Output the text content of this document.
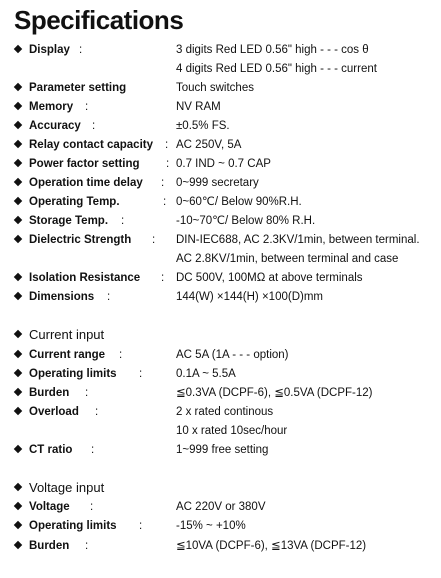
Specifications
Display :	3 digits Red LED 0.56" high - - - cos θ
4 digits Red LED 0.56" high - - - current
Parameter setting	Touch switches
Memory :	NV RAM
Accuracy :	±0.5% FS.
Relay contact capacity : AC 250V, 5A
Power factor setting : 0.7 IND ~ 0.7 CAP
Operation time delay : 0~999 secretary
Operating Temp.	: 0~60℃/ Below 90%R.H.
Storage Temp. :	-10~70℃/ Below 80% R.H.
Dielectric Strength : DIN-IEC688, AC 2.3KV/1min, between terminal.
AC 2.8KV/1min, between terminal and case
Isolation Resistance : DC 500V, 100MΩ at above terminals
Dimensions :	144(W) ×144(H) ×100(D)mm
Current input
Current range :	AC 5A (1A - - - option)
Operating limits :	0.1A ~ 5.5A
Burden :	≦0.3VA (DCPF-6), ≦0.5VA (DCPF-12)
Overload :	2 x rated continous
10 x rated 10sec/hour
CT ratio :	1~999 free setting
Voltage input
Voltage :	AC 220V or 380V
Operating limits :	-15% ~ +10%
Burden :	≦10VA (DCPF-6), ≦13VA (DCPF-12)
